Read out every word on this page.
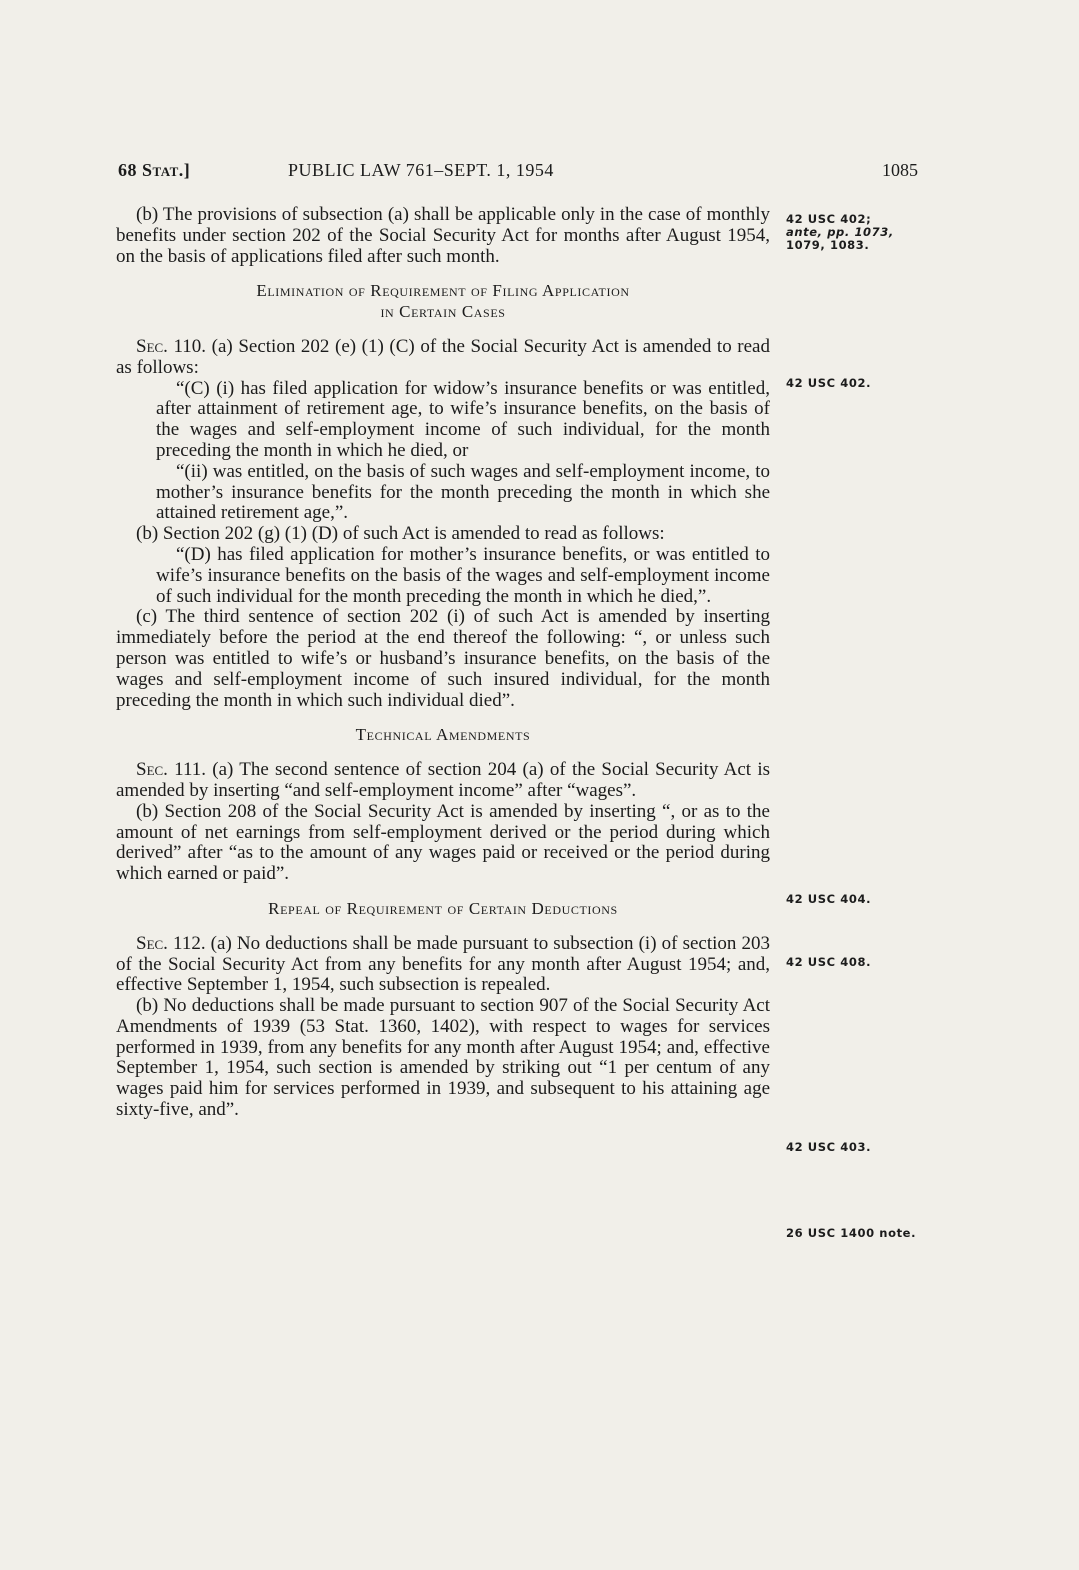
68 Stat.]	PUBLIC LAW 761–SEPT. 1, 1954	1085
42 USC 402;
ante, pp. 1073,
1079, 1083.
42 USC 402.
42 USC 404.
42 USC 408.
42 USC 403.
26 USC 1400 note.

(b) The provisions of subsection (a) shall be applicable only in the case of monthly benefits under section 202 of the Social Security Act for months after August 1954, on the basis of applications filed after such month.

Elimination of Requirement of Filing Application
in Certain Cases

Sec. 110. (a) Section 202 (e) (1) (C) of the Social Security Act is amended to read as follows:

“(C) (i) has filed application for widow’s insurance benefits or was entitled, after attainment of retirement age, to wife’s insurance benefits, on the basis of the wages and self-employment income of such individual, for the month preceding the month in which he died, or

“(ii) was entitled, on the basis of such wages and self-employment income, to mother’s insurance benefits for the month preceding the month in which she attained retirement age,”.

(b) Section 202 (g) (1) (D) of such Act is amended to read as follows:

“(D) has filed application for mother’s insurance benefits, or was entitled to wife’s insurance benefits on the basis of the wages and self-employment income of such individual for the month preceding the month in which he died,”.

(c) The third sentence of section 202 (i) of such Act is amended by inserting immediately before the period at the end thereof the following: “, or unless such person was entitled to wife’s or husband’s insurance benefits, on the basis of the wages and self-employment income of such insured individual, for the month preceding the month in which such individual died”.

Technical Amendments

Sec. 111. (a) The second sentence of section 204 (a) of the Social Security Act is amended by inserting “and self-employment income” after “wages”.

(b) Section 208 of the Social Security Act is amended by inserting “, or as to the amount of net earnings from self-employment derived or the period during which derived” after “as to the amount of any wages paid or received or the period during which earned or paid”.

Repeal of Requirement of Certain Deductions

Sec. 112. (a) No deductions shall be made pursuant to subsection (i) of section 203 of the Social Security Act from any benefits for any month after August 1954; and, effective September 1, 1954, such subsection is repealed.

(b) No deductions shall be made pursuant to section 907 of the Social Security Act Amendments of 1939 (53 Stat. 1360, 1402), with respect to wages for services performed in 1939, from any benefits for any month after August 1954; and, effective September 1, 1954, such section is amended by striking out “1 per centum of any wages paid him for services performed in 1939, and subsequent to his attaining age sixty-five, and”.
